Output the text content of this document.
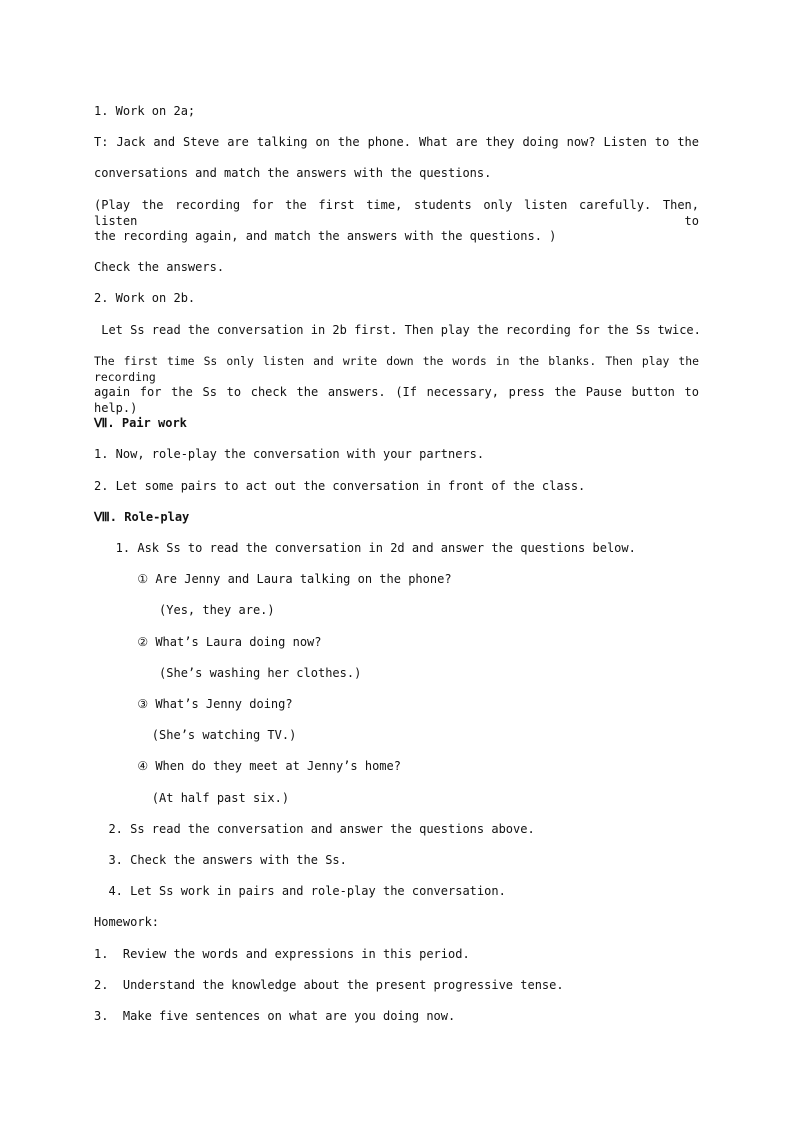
1. Work on 2a;
T: Jack and Steve are talking on the phone. What are they doing now? Listen to the
conversations and match the answers with the questions.
(Play the recording for the first time, students only listen carefully. Then, listen to
the recording again, and match the answers with the questions. )
Check the answers.
2. Work on 2b.
Let Ss read the conversation in 2b first. Then play the recording for the Ss twice.
The first time Ss only listen and write down the words in the blanks. Then play the recording
again for the Ss to check the answers. (If necessary, press the Pause button to help.)
Ⅶ. Pair work
1. Now, role-play the conversation with your partners.
2. Let some pairs to act out the conversation in front of the class.
Ⅷ. Role-play
1. Ask Ss to read the conversation in 2d and answer the questions below.
① Are Jenny and Laura talking on the phone?
(Yes, they are.)
② What’s Laura doing now?
(She’s washing her clothes.)
③ What’s Jenny doing?
(She’s watching TV.)
④ When do they meet at Jenny’s home?
(At half past six.)
2. Ss read the conversation and answer the questions above.
3. Check the answers with the Ss.
4. Let Ss work in pairs and role-play the conversation.
Homework:
1.  Review the words and expressions in this period.
2.  Understand the knowledge about the present progressive tense.
3.  Make five sentences on what are you doing now.
